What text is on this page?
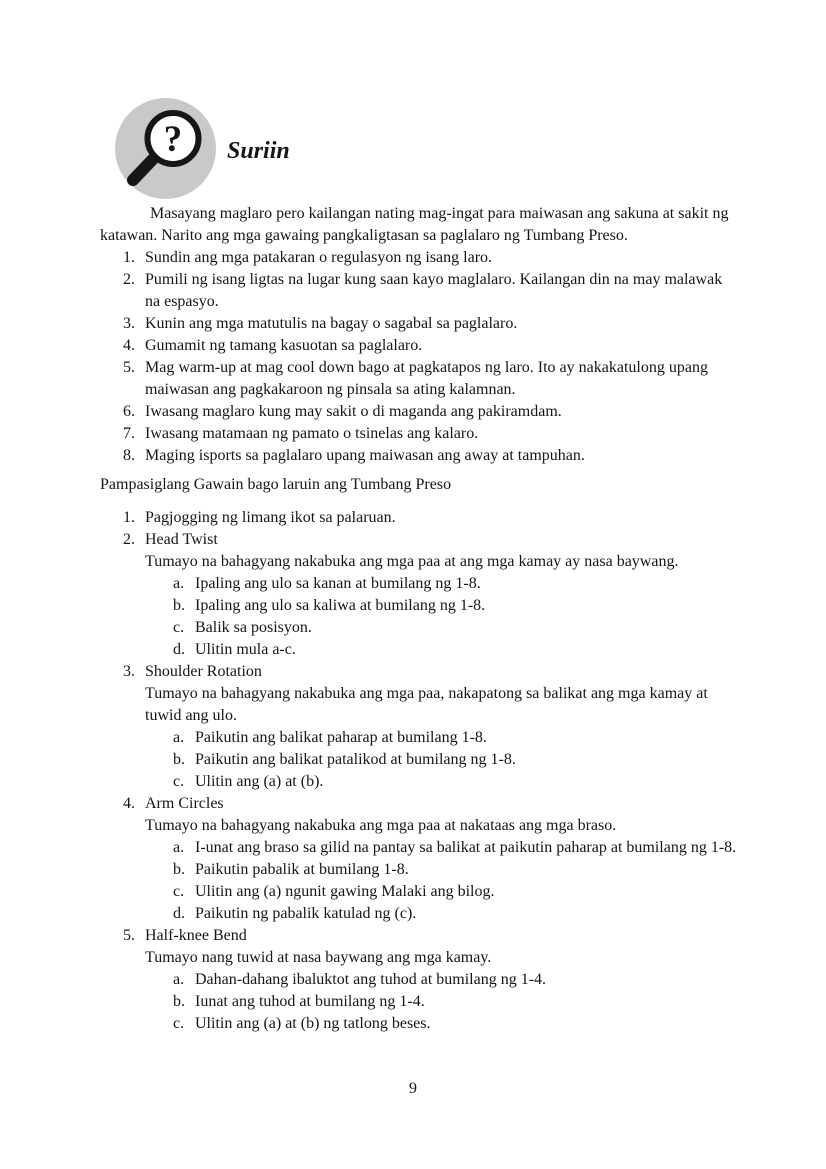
? Suriin

Masayang maglaro pero kailangan nating mag-ingat para maiwasan ang sakuna at sakit ng katawan. Narito ang mga gawaing pangkaligtasan sa paglalaro ng Tumbang Preso.

1. Sundin ang mga patakaran o regulasyon ng isang laro.
2. Pumili ng isang ligtas na lugar kung saan kayo maglalaro. Kailangan din na may malawak na espasyo.
3. Kunin ang mga matutulis na bagay o sagabal sa paglalaro.
4. Gumamit ng tamang kasuotan sa paglalaro.
5. Mag warm-up at mag cool down bago at pagkatapos ng laro. Ito ay nakakatulong upang maiwasan ang pagkakaroon ng pinsala sa ating kalamnan.
6. Iwasang maglaro kung may sakit o di maganda ang pakiramdam.
7. Iwasang matamaan ng pamato o tsinelas ang kalaro.
8. Maging isports sa paglalaro upang maiwasan ang away at tampuhan.

Pampasiglang Gawain bago laruin ang Tumbang Preso

1. Pagjogging ng limang ikot sa palaruan.
2. Head Twist
Tumayo na bahagyang nakabuka ang mga paa at ang mga kamay ay nasa baywang.
a. Ipaling ang ulo sa kanan at bumilang ng 1-8.
b. Ipaling ang ulo sa kaliwa at bumilang ng 1-8.
c. Balik sa posisyon.
d. Ulitin mula a-c.
3. Shoulder Rotation
Tumayo na bahagyang nakabuka ang mga paa, nakapatong sa balikat ang mga kamay at tuwid ang ulo.
a. Paikutin ang balikat paharap at bumilang 1-8.
b. Paikutin ang balikat patalikod at bumilang ng 1-8.
c. Ulitin ang (a) at (b).
4. Arm Circles
Tumayo na bahagyang nakabuka ang mga paa at nakataas ang mga braso.
a. I-unat ang braso sa gilid na pantay sa balikat at paikutin paharap at bumilang ng 1-8.
b. Paikutin pabalik at bumilang 1-8.
c. Ulitin ang (a) ngunit gawing Malaki ang bilog.
d. Paikutin ng pabalik katulad ng (c).
5. Half-knee Bend
Tumayo nang tuwid at nasa baywang ang mga kamay.
a. Dahan-dahang ibaluktot ang tuhod at bumilang ng 1-4.
b. Iunat ang tuhod at bumilang ng 1-4.
c. Ulitin ang (a) at (b) ng tatlong beses.
9
